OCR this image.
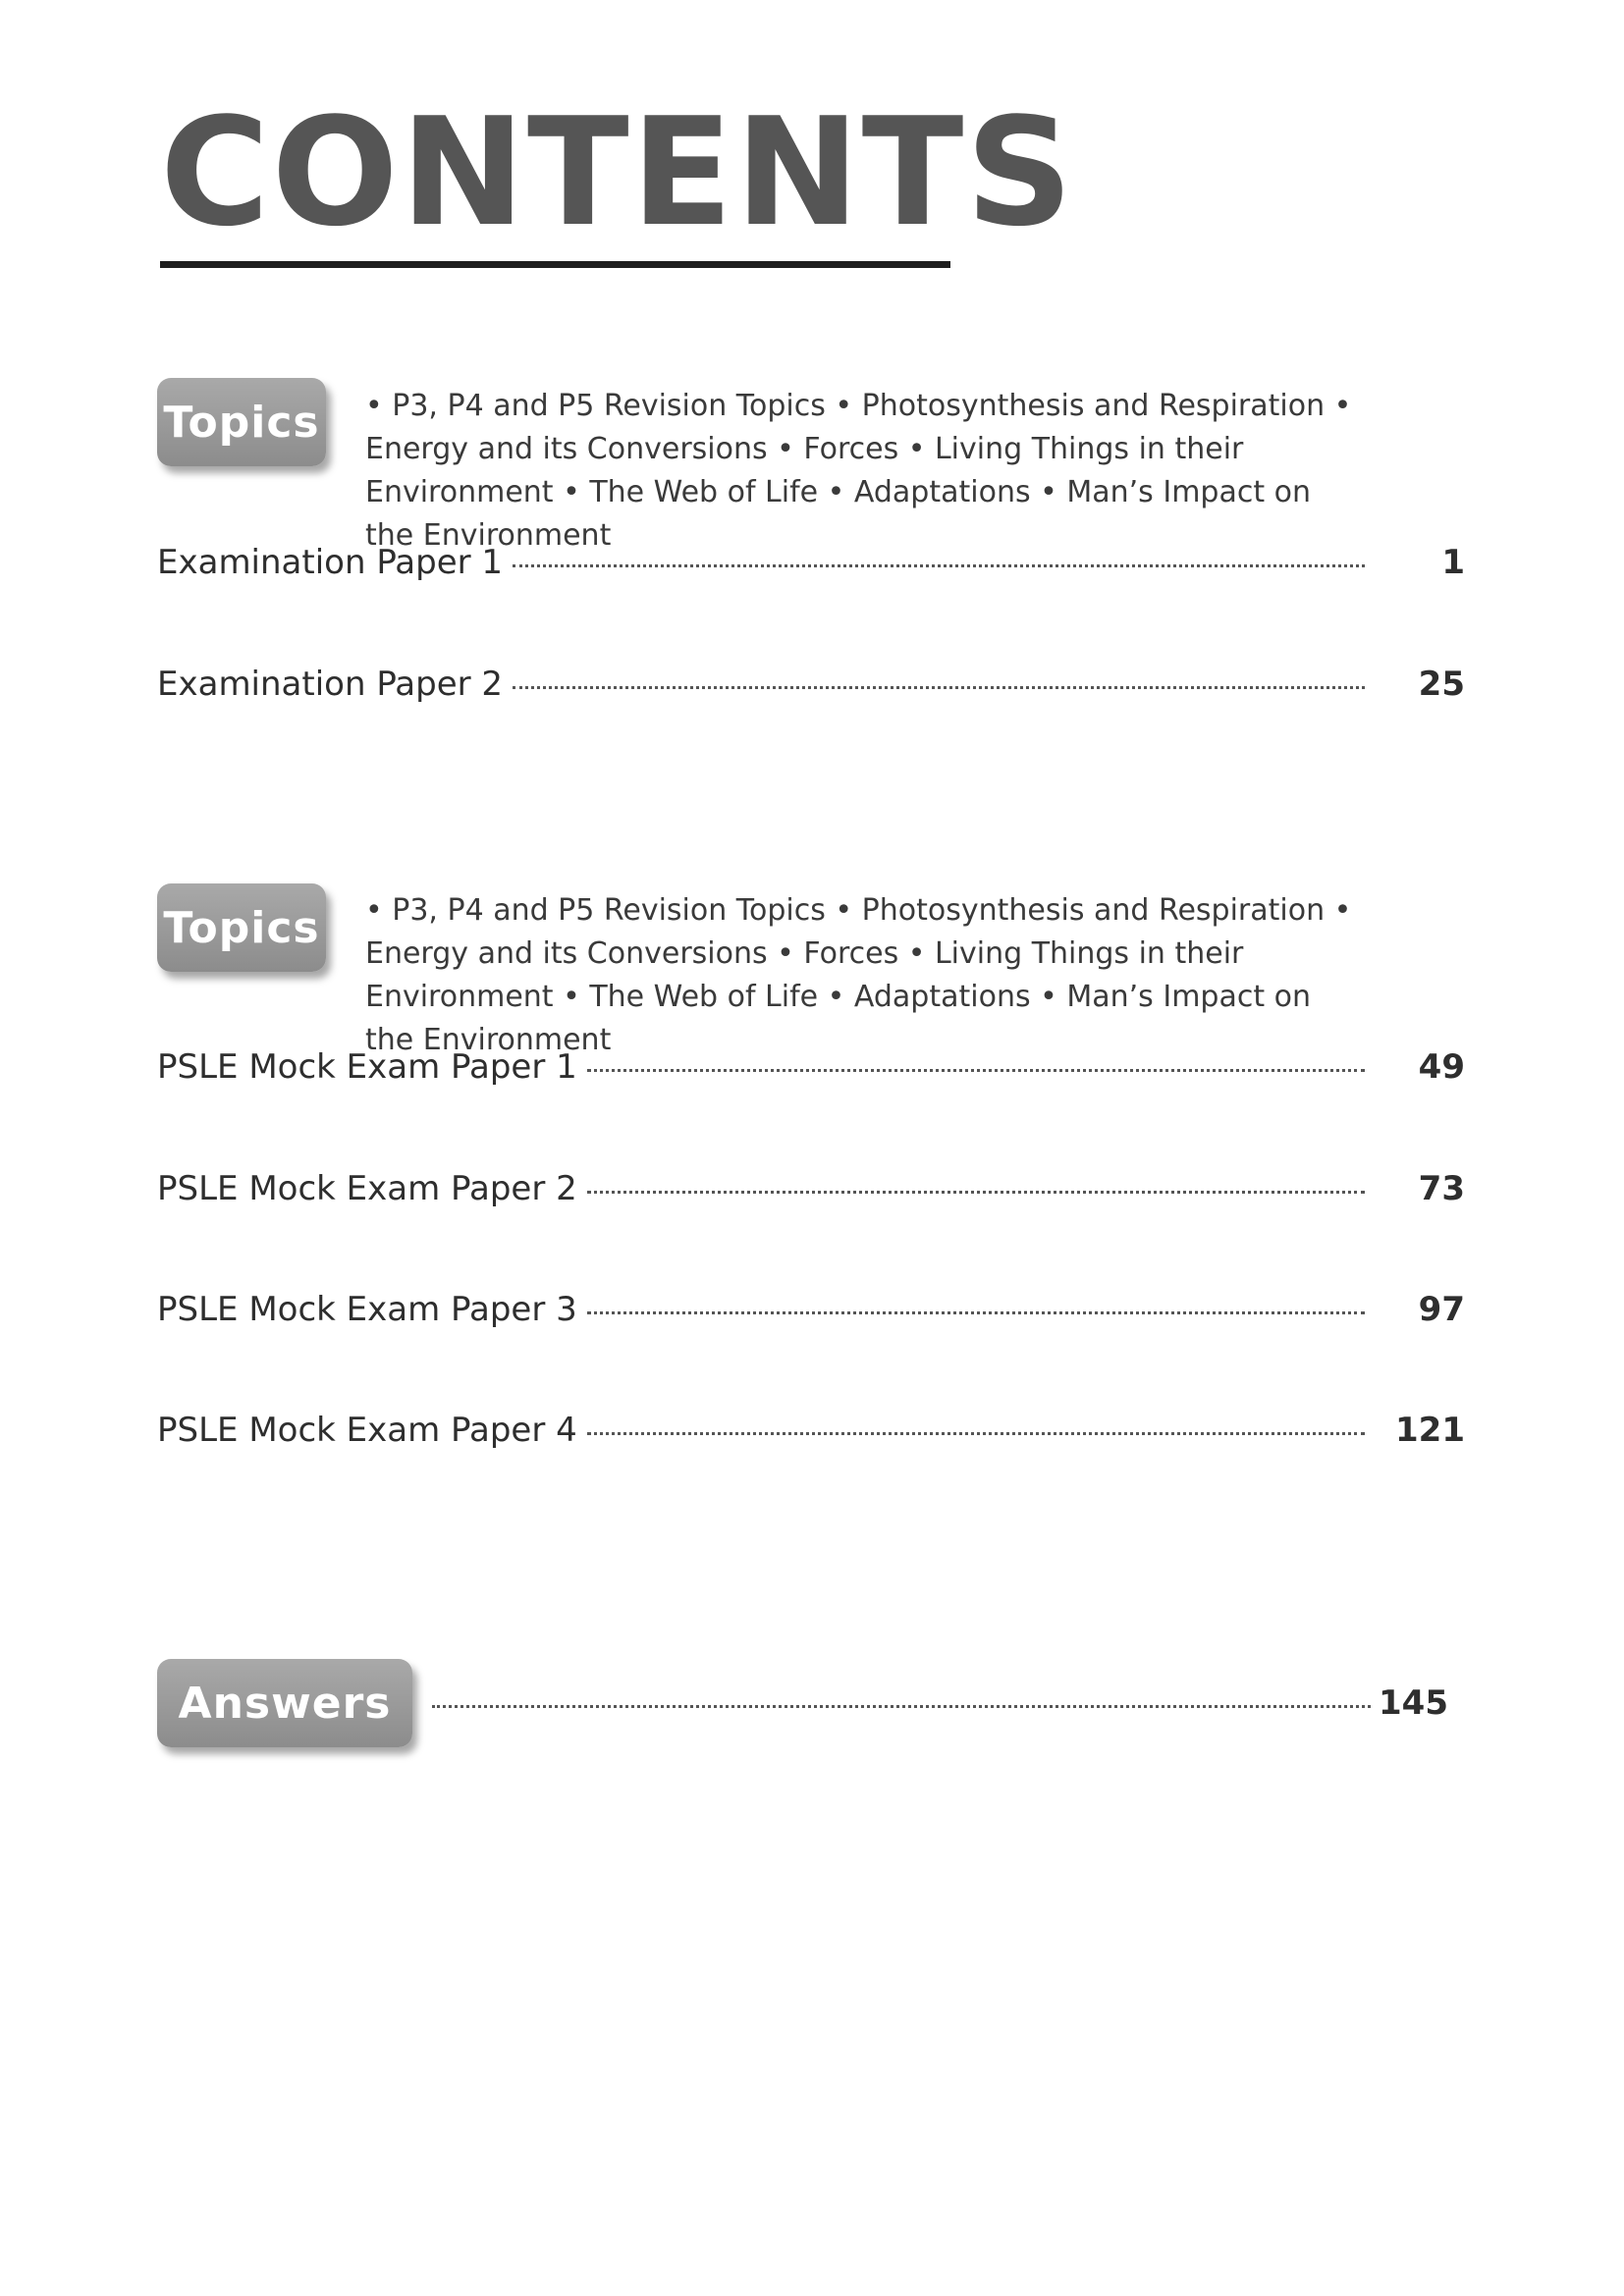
CONTENTS
Topics • P3, P4 and P5 Revision Topics • Photosynthesis and Respiration • Energy and its Conversions • Forces • Living Things in their Environment • The Web of Life • Adaptations • Man’s Impact on the Environment

Examination Paper 1	1
Examination Paper 2	25
Topics • P3, P4 and P5 Revision Topics • Photosynthesis and Respiration • Energy and its Conversions • Forces • Living Things in their Environment • The Web of Life • Adaptations • Man’s Impact on the Environment

PSLE Mock Exam Paper 1	49
PSLE Mock Exam Paper 2	73
PSLE Mock Exam Paper 3	97
PSLE Mock Exam Paper 4	121
Answers	145
